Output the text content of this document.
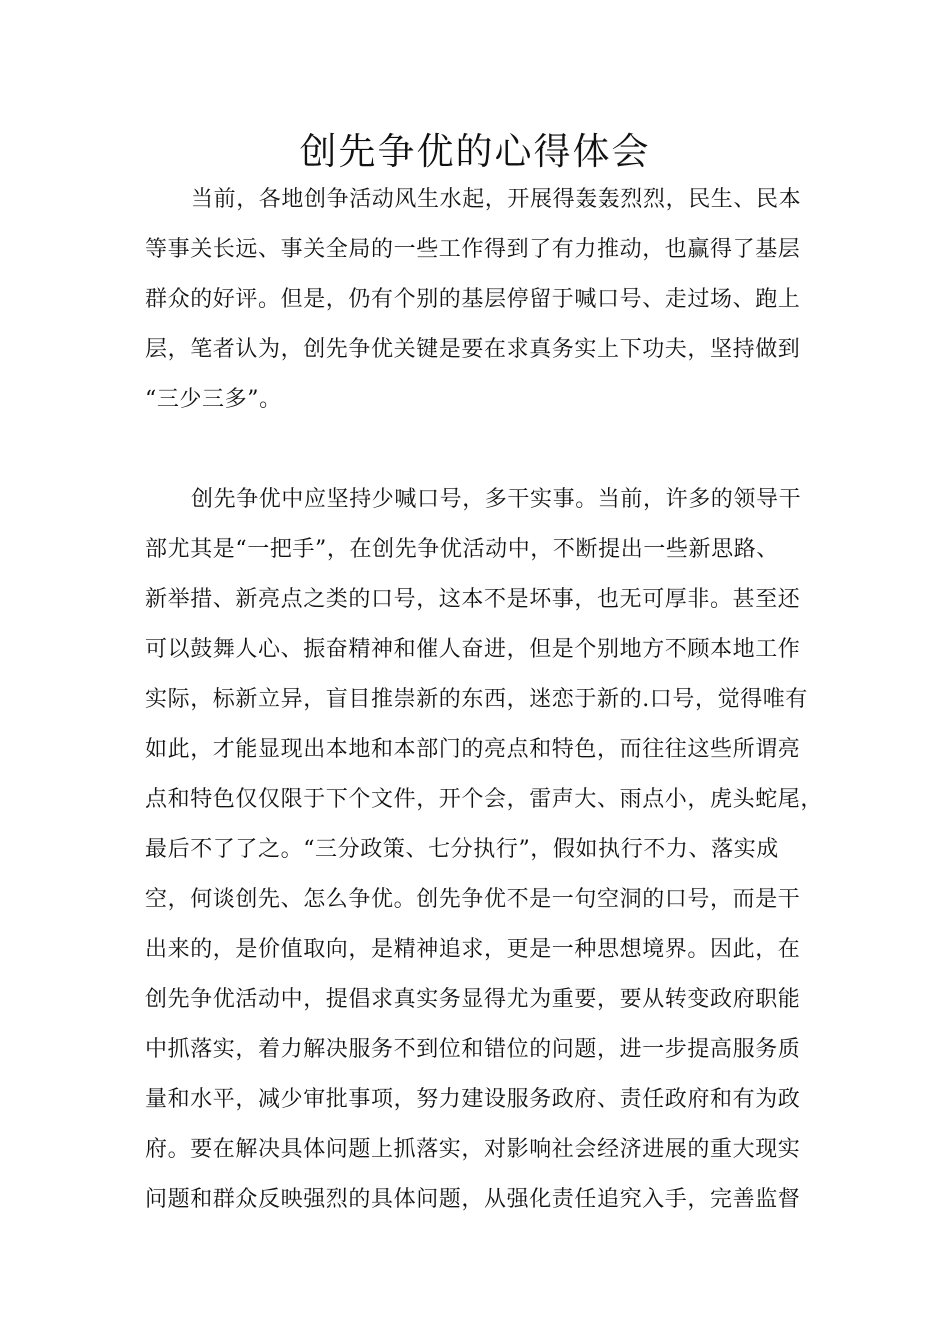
创先争优的心得体会

当前，各地创争活动风生水起，开展得轰轰烈烈，民生、民本
等事关长远、事关全局的一些工作得到了有力推动，也赢得了基层
群众的好评。但是，仍有个别的基层停留于喊口号、走过场、跑上
层，笔者认为，创先争优关键是要在求真务实上下功夫，坚持做到
“三少三多”。

创先争优中应坚持少喊口号，多干实事。当前，许多的领导干
部尤其是“一把手”，在创先争优活动中，不断提出一些新思路、
新举措、新亮点之类的口号，这本不是坏事，也无可厚非。甚至还
可以鼓舞人心、振奋精神和催人奋进，但是个别地方不顾本地工作
实际，标新立异，盲目推崇新的东西，迷恋于新的.口号，觉得唯有
如此，才能显现出本地和本部门的亮点和特色，而往往这些所谓亮
点和特色仅仅限于下个文件，开个会，雷声大、雨点小，虎头蛇尾，
最后不了了之。“三分政策、七分执行”，假如执行不力、落实成
空，何谈创先、怎么争优。创先争优不是一句空洞的口号，而是干
出来的，是价值取向，是精神追求，更是一种思想境界。因此，在
创先争优活动中，提倡求真实务显得尤为重要，要从转变政府职能
中抓落实，着力解决服务不到位和错位的问题，进一步提高服务质
量和水平，减少审批事项，努力建设服务政府、责任政府和有为政
府。要在解决具体问题上抓落实，对影响社会经济进展的重大现实
问题和群众反映强烈的具体问题，从强化责任追究入手，完善监督
